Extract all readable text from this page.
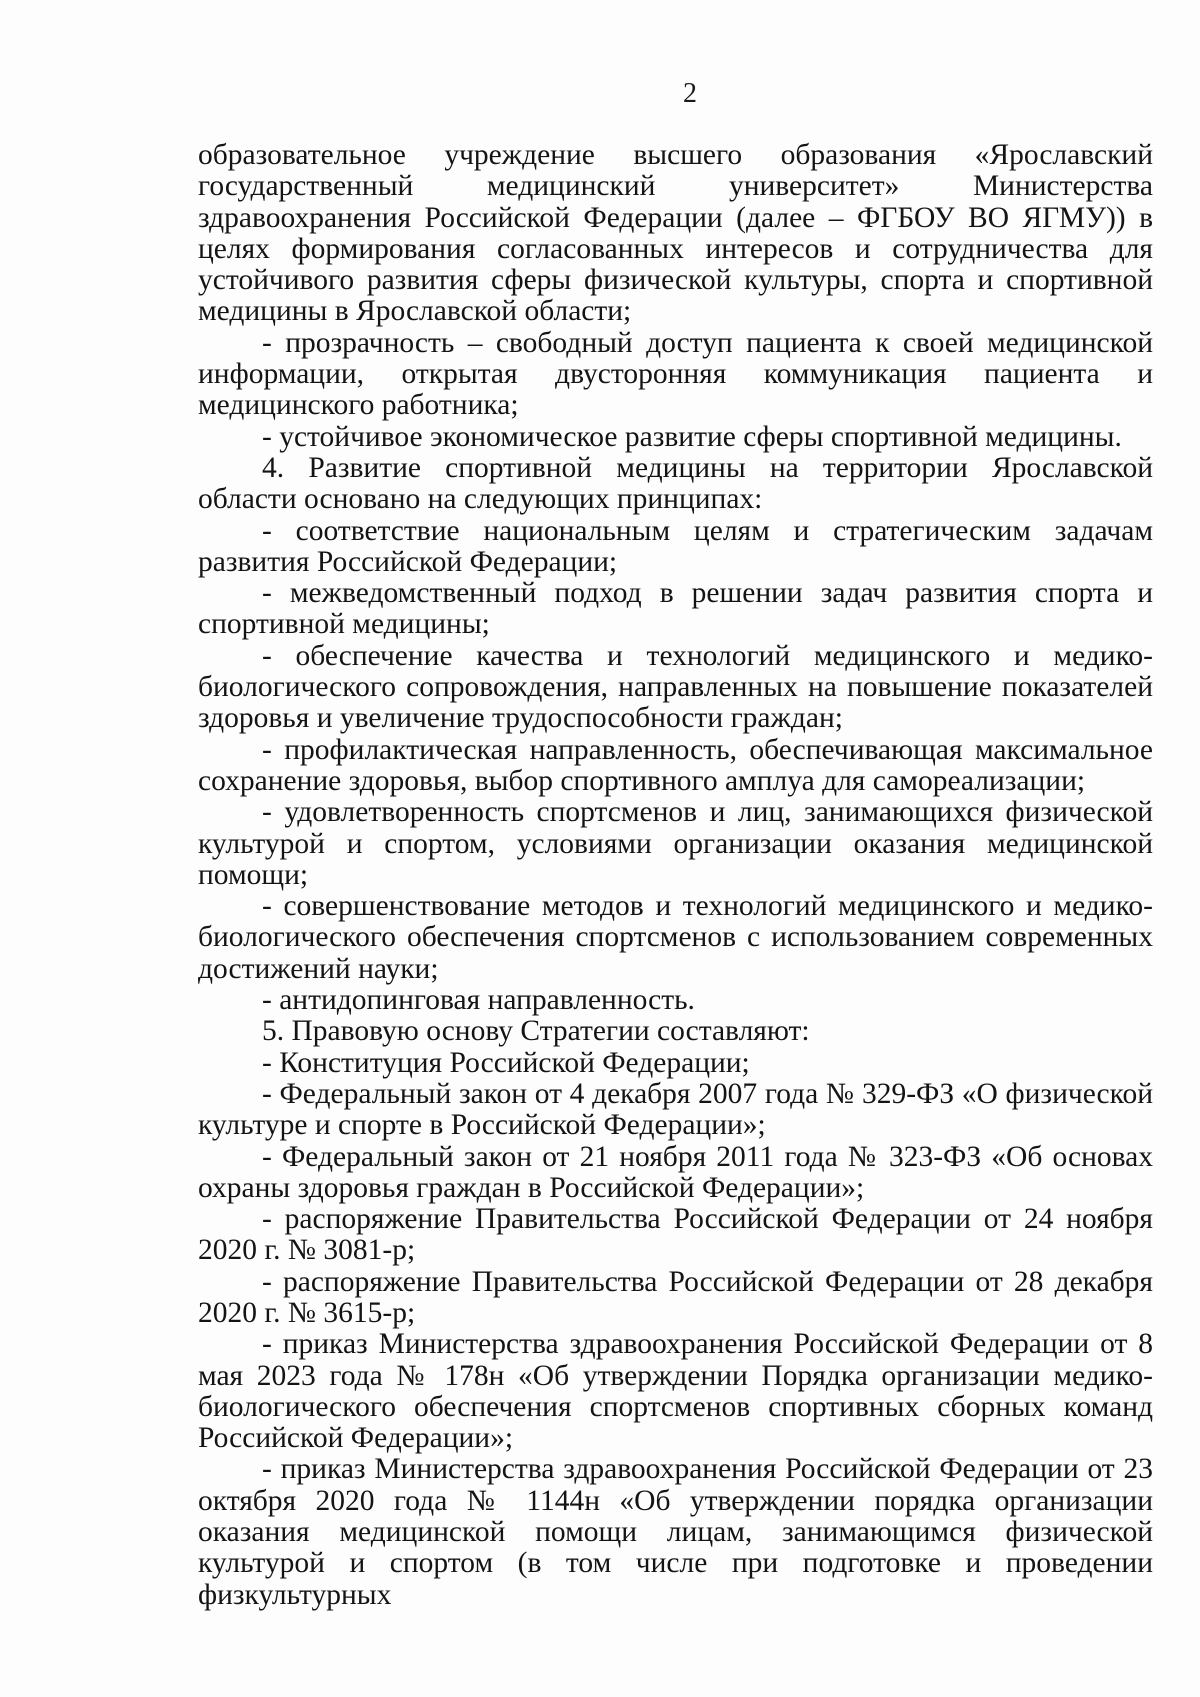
2

образовательное учреждение высшего образования «Ярославский государственный медицинский университет» Министерства здравоохранения Российской Федерации (далее – ФГБОУ ВО ЯГМУ)) в целях формирования согласованных интересов и сотрудничества для устойчивого развития сферы физической культуры, спорта и спортивной медицины в Ярославской области;

- прозрачность – свободный доступ пациента к своей медицинской информации, открытая двусторонняя коммуникация пациента и медицинского работника;

- устойчивое экономическое развитие сферы спортивной медицины.

4. Развитие спортивной медицины на территории Ярославской области основано на следующих принципах:

- соответствие национальным целям и стратегическим задачам развития Российской Федерации;

- межведомственный подход в решении задач развития спорта и спортивной медицины;

- обеспечение качества и технологий медицинского и медико-биологического сопровождения, направленных на повышение показателей здоровья и увеличение трудоспособности граждан;

- профилактическая направленность, обеспечивающая максимальное сохранение здоровья, выбор спортивного амплуа для самореализации;

- удовлетворенность спортсменов и лиц, занимающихся физической культурой и спортом, условиями организации оказания медицинской помощи;

- совершенствование методов и технологий медицинского и медико-биологического обеспечения спортсменов с использованием современных достижений науки;

- антидопинговая направленность.

5. Правовую основу Стратегии составляют:

- Конституция Российской Федерации;

- Федеральный закон от 4 декабря 2007 года № 329-ФЗ «О физической культуре и спорте в Российской Федерации»;

- Федеральный закон от 21 ноября 2011 года № 323-ФЗ «Об основах охраны здоровья граждан в Российской Федерации»;

- распоряжение Правительства Российской Федерации от 24 ноября 2020 г. № 3081-р;

- распоряжение Правительства Российской Федерации от 28 декабря 2020 г. № 3615-р;

- приказ Министерства здравоохранения Российской Федерации от 8 мая 2023 года № 178н «Об утверждении Порядка организации медико-биологического обеспечения спортсменов спортивных сборных команд Российской Федерации»;

- приказ Министерства здравоохранения Российской Федерации от 23 октября 2020 года № 1144н «Об утверждении порядка организации оказания медицинской помощи лицам, занимающимся физической культурой и спортом (в том числе при подготовке и проведении физкультурных
